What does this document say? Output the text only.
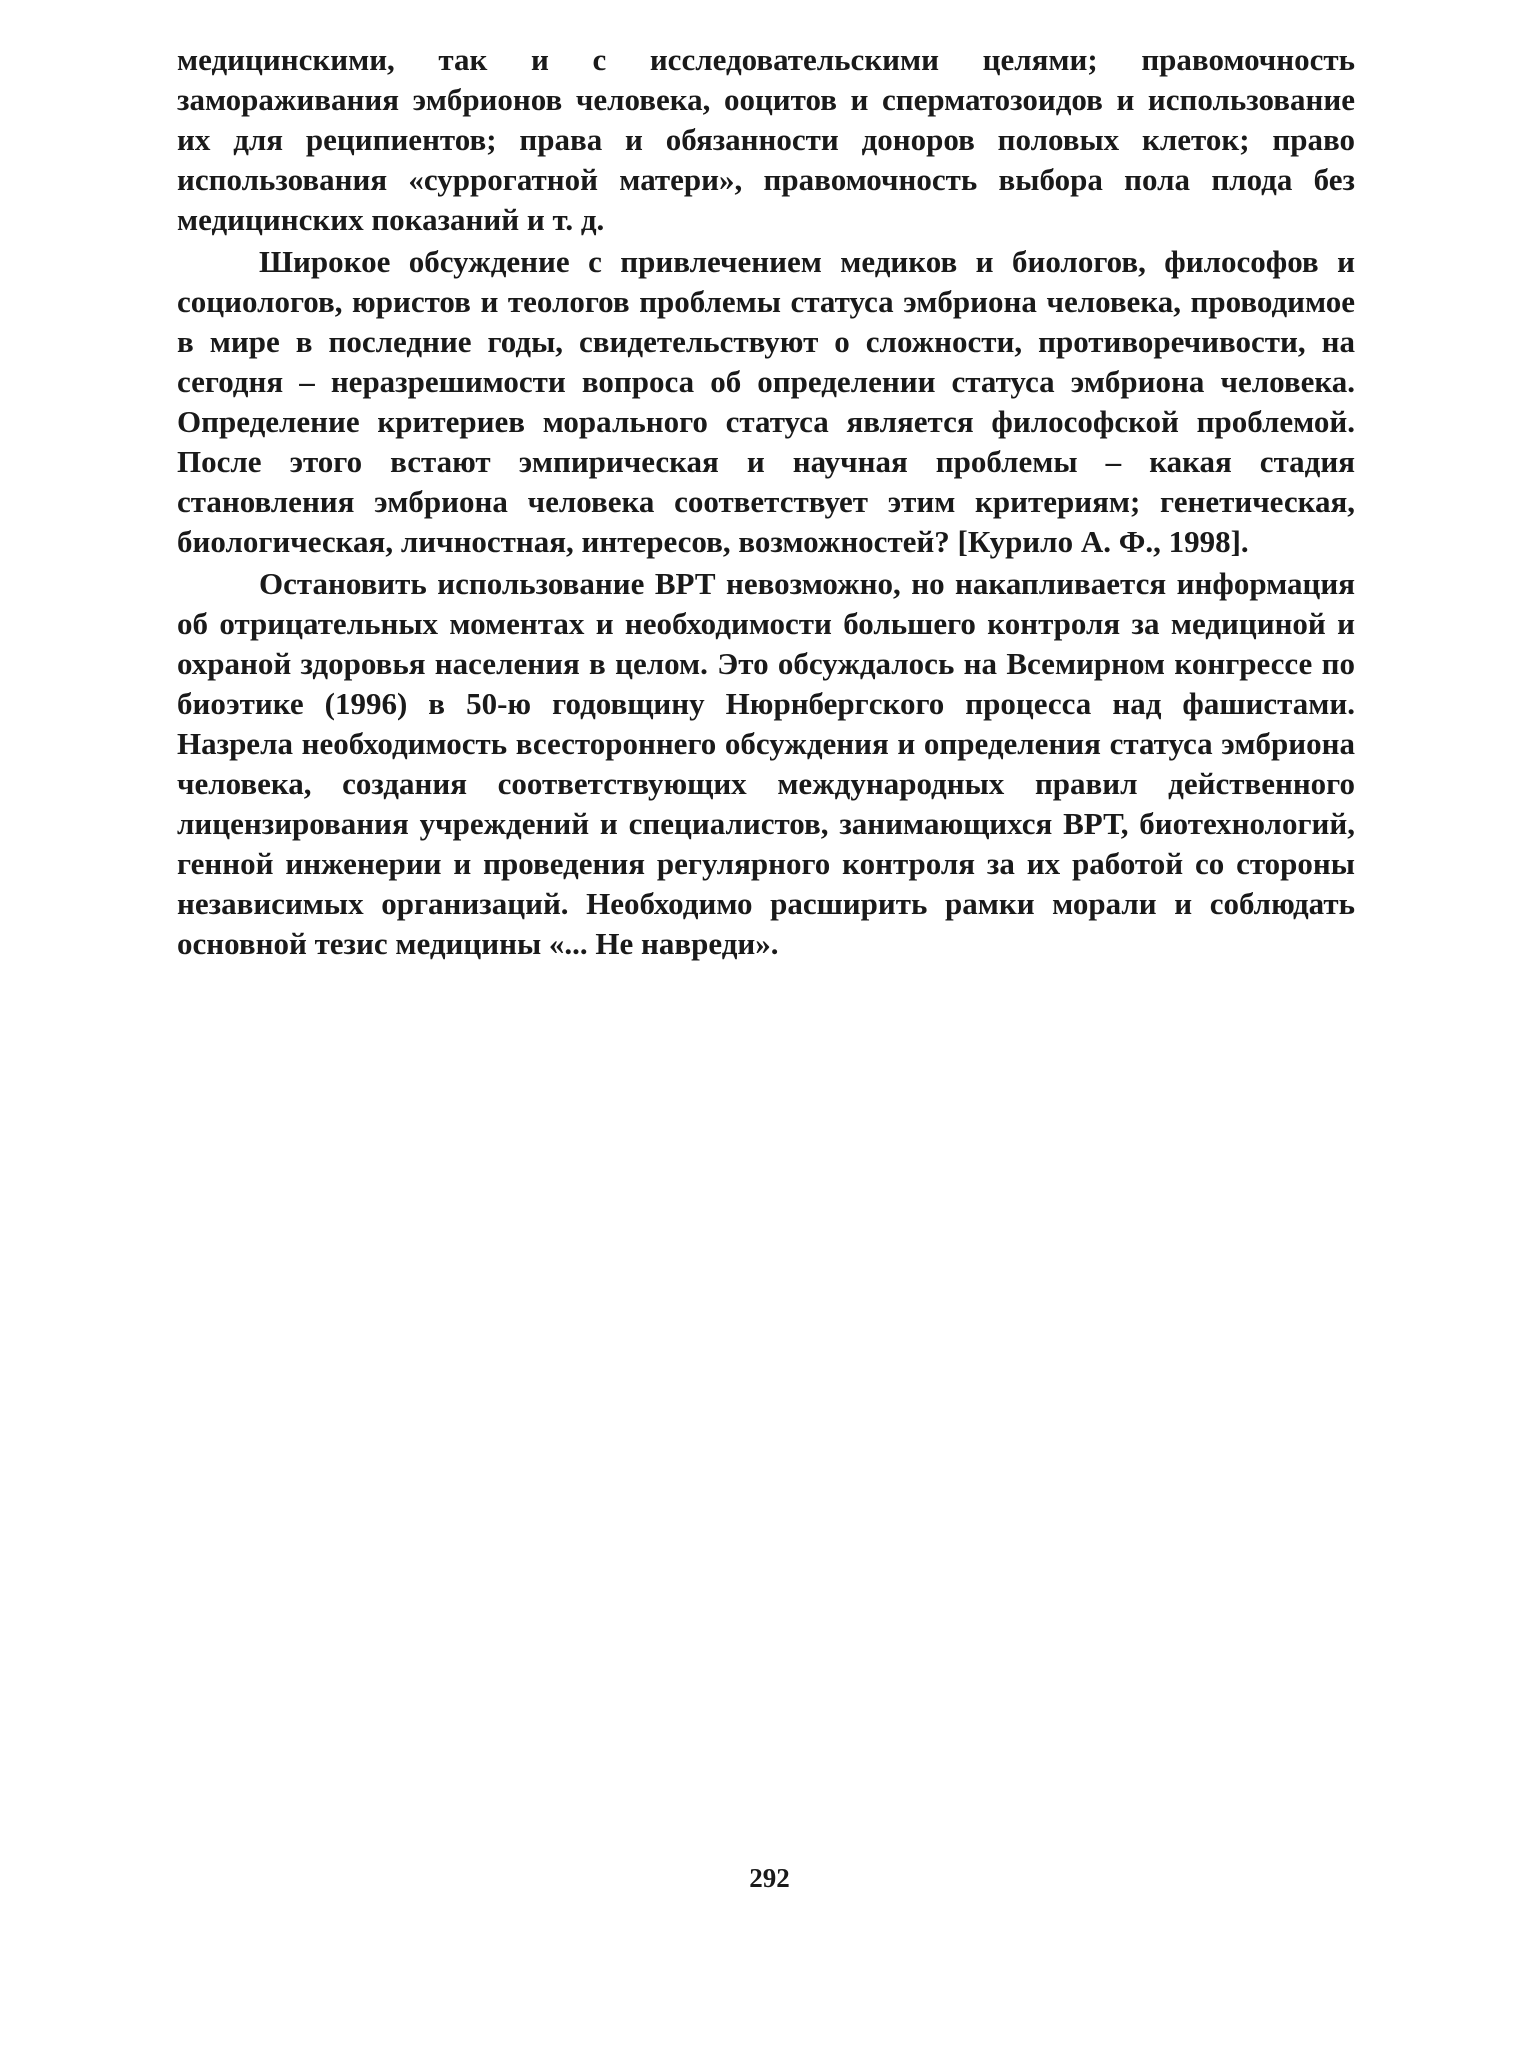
медицинскими, так и с исследовательскими целями; правомочность замораживания эмбрионов человека, ооцитов и сперматозоидов и использование их для реципиентов; права и обязанности доноров половых клеток; право использования «суррогатной матери», правомочность выбора пола плода без медицинских показаний и т. д.

Широкое обсуждение с привлечением медиков и биологов, философов и социологов, юристов и теологов проблемы статуса эмбриона человека, проводимое в мире в последние годы, свидетельствуют о сложности, противоречивости, на сегодня – неразрешимости вопроса об определении статуса эмбриона человека. Определение критериев морального статуса является философской проблемой. После этого встают эмпирическая и научная проблемы – какая стадия становления эмбриона человека соответствует этим критериям; генетическая, биологическая, личностная, интересов, возможностей? [Курило А. Ф., 1998].

Остановить использование ВРТ невозможно, но накапливается информация об отрицательных моментах и необходимости большего контроля за медициной и охраной здоровья населения в целом. Это обсуждалось на Всемирном конгрессе по биоэтике (1996) в 50-ю годовщину Нюрнбергского процесса над фашистами. Назрела необходимость всестороннего обсуждения и определения статуса эмбриона человека, создания соответствующих международных правил действенного лицензирования учреждений и специалистов, занимающихся ВРТ, биотехнологий, генной инженерии и проведения регулярного контроля за их работой со стороны независимых организаций. Необходимо расширить рамки морали и соблюдать основной тезис медицины «... Не навреди».

292
